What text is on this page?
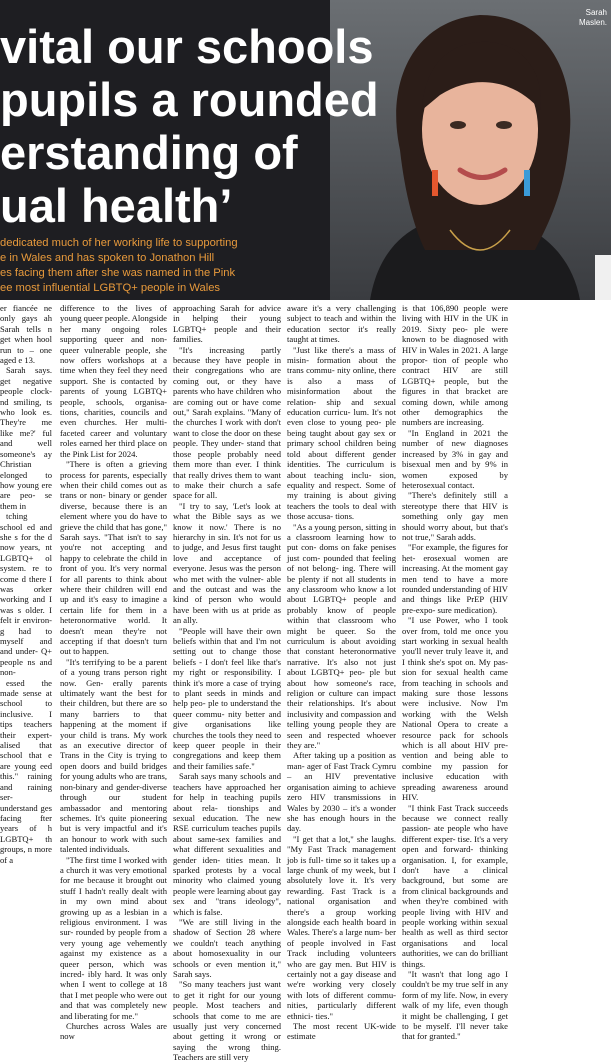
Sarah
Maslen.
vital our schools
pupils a rounded
erstanding of
ual health’
dedicated much of her working life to supporting
e in Wales and has spoken to Jonathon Hill
es facing them after she was named in the Pink
ee most influential LGBTQ+ people in Wales

er fiancée ne only gays ah Sarah tells n get when hool run to – one aged e 13.

Sarah says. get negative people clock- nd smiling, ts who look es. They're me like me?' ful and well someone's ay Christian elonged to how young ere are peo- se them in

tching school ed and she s for the d now years, nt LGBTQ+ ol system. re to come d there I was orker working and I was s older. I felt ir environ- g had to myself and and under- Q+ people ns and non-

essed the made sense at school to inclusive. I tips teachers their expert- alised that school that e are young eed this." raining and raining ser- understand ges facing fter years of h LGBTQ+ th groups, n more of a

difference to the lives of young queer people. Alongside her many ongoing roles supporting queer and non-queer vulnerable people, she now offers workshops at a time when they feel they need support. She is contacted by parents of young LGBTQ+ people, schools, organisa- tions, charities, councils and even churches. Her multi-faceted career and voluntary roles earned her third place on the Pink List for 2024.

"There is often a grieving process for parents, especially when their child comes out as trans or non- binary or gender diverse, because there is an element where you do have to grieve the child that has gone," Sarah says. "That isn't to say you're not accepting and happy to celebrate the child in front of you. It's very normal for all parents to think about where their children will end up and it's easy to imagine a certain life for them in a heteronormative world. It doesn't mean they're not accepting if that doesn't turn out to happen.

"It's terrifying to be a parent of a young trans person right now. Gen- erally parents ultimately want the best for their children, but there are so many barriers to that happening at the moment if your child is trans. My work as an executive director of Trans in the City is trying to open doors and build bridges for young adults who are trans, non-binary and gender-diverse through our student ambassador and mentoring schemes. It's quite pioneering but is very impactful and it's an honour to work with such talented individuals.

"The first time I worked with a church it was very emotional for me because it brought out stuff I hadn't really dealt with in my own mind about growing up as a lesbian in a religious environment. I was sur- rounded by people from a very young age vehemently against my existence as a queer person, which was incred- ibly hard. It was only when I went to college at 18 that I met people who were out and that was completely new and liberating for me."

Churches across Wales are now

approaching Sarah for advice in helping their young LGBTQ+ people and their families.

"It's increasing partly because they have people in their congregations who are coming out, or they have parents who have children who are coming out or have come out," Sarah explains. "Many of the churches I work with don't want to close the door on these people. They under- stand that those people probably need them more than ever. I think that really drives them to want to make their church a safe space for all.

"I try to say, 'Let's look at what the Bible says as we know it now.' There is no hierarchy in sin. It's not for us to judge, and Jesus first taught love and acceptance of everyone. Jesus was the person who met with the vulner- able and the outcast and was the kind of person who would have been with us at pride as an ally.

"People will have their own beliefs within that and I'm not setting out to change those beliefs - I don't feel like that's my right or responsibility. I think it's more a case of trying to plant seeds in minds and help peo- ple to understand the queer commu- nity better and give organisations like churches the tools they need to keep queer people in their congregations and keep them and their families safe."

Sarah says many schools and teachers have approached her for help in teaching pupils about rela- tionships and sexual education. The new RSE curriculum teaches pupils about same-sex families and what different sexualities and gender iden- tities mean. It sparked protests by a vocal minority who claimed young people were learning about gay sex and "trans ideology", which is false.

"We are still living in the shadow of Section 28 where we couldn't teach anything about homosexuality in our schools or even mention it," Sarah says.

"So many teachers just want to get it right for our young people. Most teachers and schools that come to me are usually just very concerned about getting it wrong or saying the wrong thing. Teachers are still very

aware it's a very challenging subject to teach and within the education sector it's really taught at times.

"Just like there's a mass of misin- formation about the trans commu- nity online, there is also a mass of misinformation about the relation- ship and sexual education curricu- lum. It's not even close to young peo- ple being taught about gay sex or primary school children being told about different gender identities. The curriculum is about teaching inclu- sion, equality and respect. Some of my training is about giving teachers the tools to deal with those accusa- tions.

"As a young person, sitting in a classroom learning how to put con- doms on fake penises just com- pounded that feeling of not belong- ing. There will be plenty if not all students in any classroom who know a lot about LGBTQ+ people and probably know of people within that classroom who might be queer. So the curriculum is about avoiding that constant heteronormative narrative. It's also not just about LGBTQ+ peo- ple but about how someone's race, religion or culture can impact their relationships. It's about inclusivity and compassion and telling young people they are seen and respected whoever they are."

After taking up a position as man- ager of Fast Track Cymru – an HIV preventative organisation aiming to achieve zero HIV transmissions in Wales by 2030 – it's a wonder she has enough hours in the day.

"I get that a lot," she laughs. "My Fast Track management job is full- time so it takes up a large chunk of my week, but I absolutely love it. It's very rewarding. Fast Track is a national organisation and there's a group working alongside each health board in Wales. There's a large num- ber of people involved in Fast Track including volunteers who are gay men. But HIV is certainly not a gay disease and we're working very closely with lots of different commu- nities, particularly different ethnici- ties."

The most recent UK-wide estimate

is that 106,890 people were living with HIV in the UK in 2019. Sixty peo- ple were known to be diagnosed with HIV in Wales in 2021. A large propor- tion of people who contract HIV are still LGBTQ+ people, but the figures in that bracket are coming down, while among other demographics the numbers are increasing.

"In England in 2021 the number of new diagnoses increased by 3% in gay and bisexual men and by 9% in women exposed by heterosexual contact.

"There's definitely still a stereotype there that HIV is something only gay men should worry about, but that's not true," Sarah adds.

"For example, the figures for het- erosexual women are increasing. At the moment gay men tend to have a more rounded understanding of HIV and things like PrEP (HIV pre-expo- sure medication).

"I use Power, who I took over from, told me once you start working in sexual health you'll never truly leave it, and I think she's spot on. My pas- sion for sexual health came from teaching in schools and making sure those lessons were inclusive. Now I'm working with the Welsh National Opera to create a resource pack for schools which is all about HIV pre- vention and being able to combine my passion for inclusive education with spreading awareness around HIV.

"I think Fast Track succeeds because we connect really passion- ate people who have different exper- tise. It's a very open and forward- thinking organisation. I, for example, don't have a clinical background, but some are from clinical backgrounds and when they're combined with people living with HIV and people working within sexual health as well as third sector organisations and local authorities, we can do brilliant things.

"It wasn't that long ago I couldn't be my true self in any form of my life. Now, in every walk of my life, even though it might be challenging, I get to be myself. I'll never take that for granted."
